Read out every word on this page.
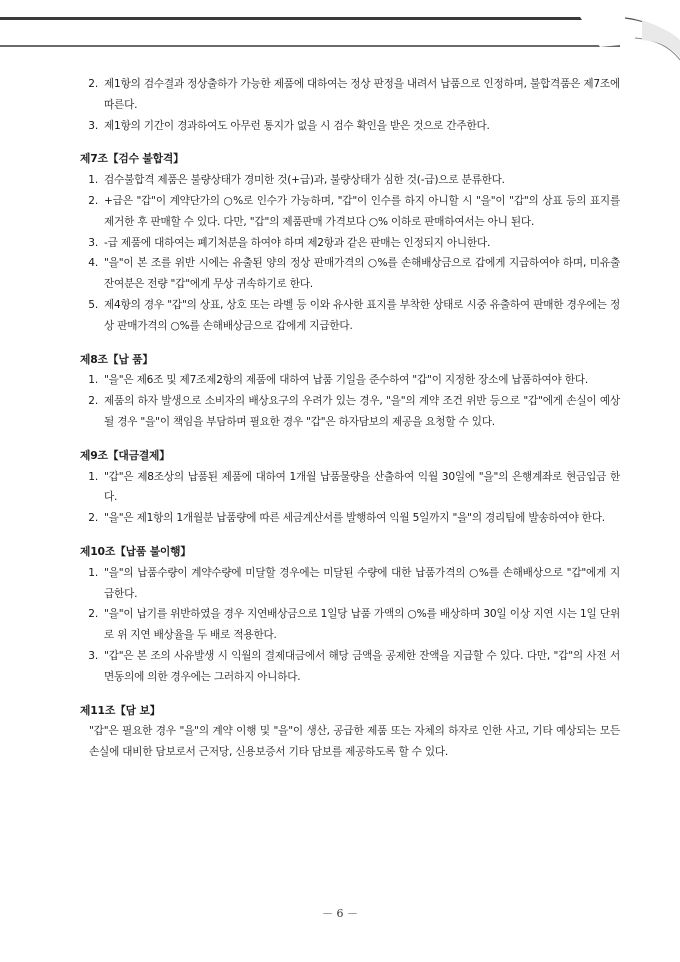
2. 제1항의 검수결과 정상출하가 가능한 제품에 대하여는 정상 판정을 내려서 납품으로 인정하며, 불합격품은 제7조에 따른다.
3. 제1항의 기간이 경과하여도 아무런 통지가 없을 시 검수 확인을 받은 것으로 간주한다.
제7조【검수 불합격】
1. 검수불합격 제품은 불량상태가 경미한 것(+급)과, 불량상태가 심한 것(-급)으로 분류한다.
2. +급은 "갑"이 계약단가의 ○%로 인수가 가능하며, "갑"이 인수를 하지 아니할 시 "을"이 "갑"의 상표 등의 표지를 제거한 후 판매할 수 있다. 다만, "갑"의 제품판매 가격보다 ○% 이하로 판매하여서는 아니 된다.
3. -급 제품에 대하여는 폐기처분을 하여야 하며 제2항과 같은 판매는 인정되지 아니한다.
4. "을"이 본 조를 위반 시에는 유출된 양의 정상 판매가격의 ○%를 손해배상금으로 갑에게 지급하여야 하며, 미유출 잔여분은 전량 "갑"에게 무상 귀속하기로 한다.
5. 제4항의 경우 "갑"의 상표, 상호 또는 라벨 등 이와 유사한 표지를 부착한 상태로 시중 유출하여 판매한 경우에는 정상 판매가격의 ○%를 손해배상금으로 갑에게 지급한다.
제8조【납 품】
1. "을"은 제6조 및 제7조제2항의 제품에 대하여 납품 기일을 준수하여 "갑"이 지정한 장소에 납품하여야 한다.
2. 제품의 하자 발생으로 소비자의 배상요구의 우려가 있는 경우, "을"의 계약 조건 위반 등으로 "갑"에게 손실이 예상될 경우 "을"이 책임을 부담하며 필요한 경우 "갑"은 하자담보의 제공을 요청할 수 있다.
제9조【대금결제】
1. "갑"은 제8조상의 납품된 제품에 대하여 1개월 납품물량을 산출하여 익월 30일에 "을"의 은행계좌로 현금입금 한다.
2. "을"은 제1항의 1개월분 납품량에 따른 세금계산서를 발행하여 익월 5일까지 "을"의 경리팀에 발송하여야 한다.
제10조【납품 불이행】
1. "을"의 납품수량이 계약수량에 미달할 경우에는 미달된 수량에 대한 납품가격의 ○%를 손해배상으로 "갑"에게 지급한다.
2. "을"이 납기를 위반하였을 경우 지연배상금으로 1일당 납품 가액의 ○%를 배상하며 30일 이상 지연 시는 1일 단위로 위 지연 배상율을 두 배로 적용한다.
3. "갑"은 본 조의 사유발생 시 익월의 결제대금에서 해당 금액을 공제한 잔액을 지급할 수 있다. 다만, "갑"의 사전 서면동의에 의한 경우에는 그러하지 아니하다.
제11조【담 보】
"갑"은 필요한 경우 "을"의 계약 이행 및 "을"이 생산, 공급한 제품 또는 자체의 하자로 인한 사고, 기타 예상되는 모든 손실에 대비한 담보로서 근저당, 신용보증서 기타 담보를 제공하도록 할 수 있다.
－ 6 －
